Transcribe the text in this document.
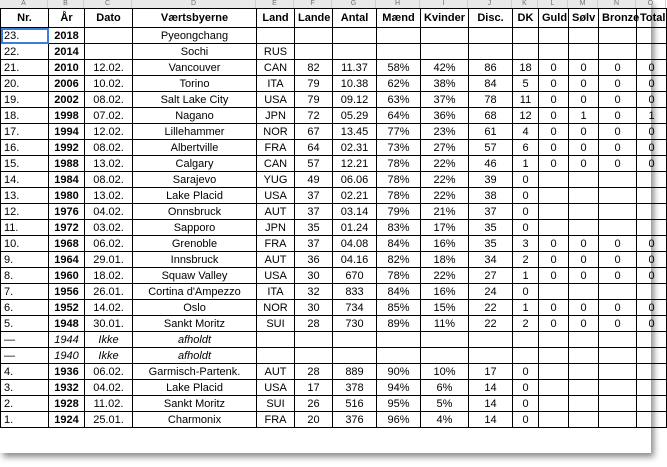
A	B	C	D	E	F	G	H	I	J	K	L	M	N	O
Nr.	År	Dato	Værtsbyerne	Land	Lande	Antal	Mænd	Kvinder	Disc.	DK	Guld	Sølv	Bronze	Total
23.	2018		Pyeongchang											
22.	2014		Sochi	RUS										
21.	2010	12.02.	Vancouver	CAN	82	11.37	58%	42%	86	18	0	0	0	0
20.	2006	10.02.	Torino	ITA	79	10.38	62%	38%	84	5	0	0	0	0
19.	2002	08.02.	Salt Lake City	USA	79	09.12	63%	37%	78	11	0	0	0	0
18.	1998	07.02.	Nagano	JPN	72	05.29	64%	36%	68	12	0	1	0	1
17.	1994	12.02.	Lillehammer	NOR	67	13.45	77%	23%	61	4	0	0	0	0
16.	1992	08.02.	Albertville	FRA	64	02.31	73%	27%	57	6	0	0	0	0
15.	1988	13.02.	Calgary	CAN	57	12.21	78%	22%	46	1	0	0	0	0
14.	1984	08.02.	Sarajevo	YUG	49	06.06	78%	22%	39	0				
13.	1980	13.02.	Lake Placid	USA	37	02.21	78%	22%	38	0				
12.	1976	04.02.	Onnsbruck	AUT	37	03.14	79%	21%	37	0				
11.	1972	03.02.	Sapporo	JPN	35	01.24	83%	17%	35	0				
10.	1968	06.02.	Grenoble	FRA	37	04.08	84%	16%	35	3	0	0	0	0
9.	1964	29.01.	Innsbruck	AUT	36	04.16	82%	18%	34	2	0	0	0	0
8.	1960	18.02.	Squaw Valley	USA	30	670	78%	22%	27	1	0	0	0	0
7.	1956	26.01.	Cortina d'Ampezzo	ITA	32	833	84%	16%	24	0				
6.	1952	14.02.	Oslo	NOR	30	734	85%	15%	22	1	0	0	0	0
5.	1948	30.01.	Sankt Moritz	SUI	28	730	89%	11%	22	2	0	0	0	0
—	1944	Ikke	afholdt											
—	1940	Ikke	afholdt											
4.	1936	06.02.	Garmisch-Partenk.	AUT	28	889	90%	10%	17	0				
3.	1932	04.02.	Lake Placid	USA	17	378	94%	6%	14	0				
2.	1928	11.02.	Sankt Moritz	SUI	26	516	95%	5%	14	0				
1.	1924	25.01.	Charmonix	FRA	20	376	96%	4%	14	0				
